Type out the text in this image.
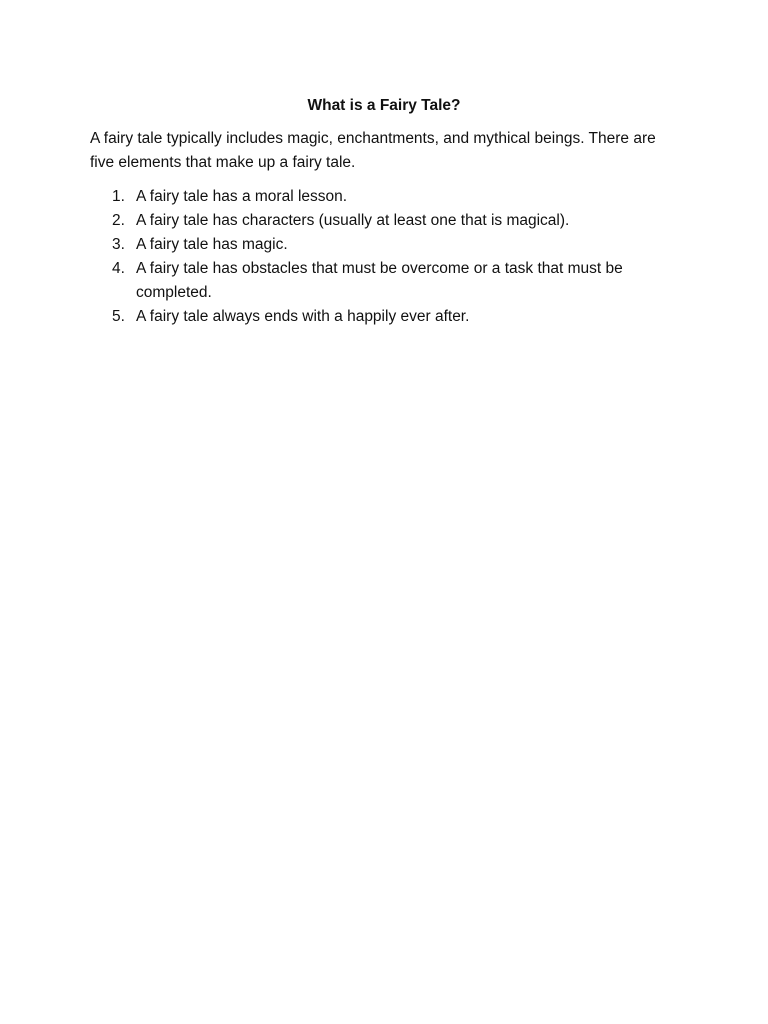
What is a Fairy Tale?

A fairy tale typically includes magic, enchantments, and mythical beings. There are five elements that make up a fairy tale.

1. A fairy tale has a moral lesson.
2. A fairy tale has characters (usually at least one that is magical).
3. A fairy tale has magic.
4. A fairy tale has obstacles that must be overcome or a task that must be completed.
5. A fairy tale always ends with a happily ever after.
